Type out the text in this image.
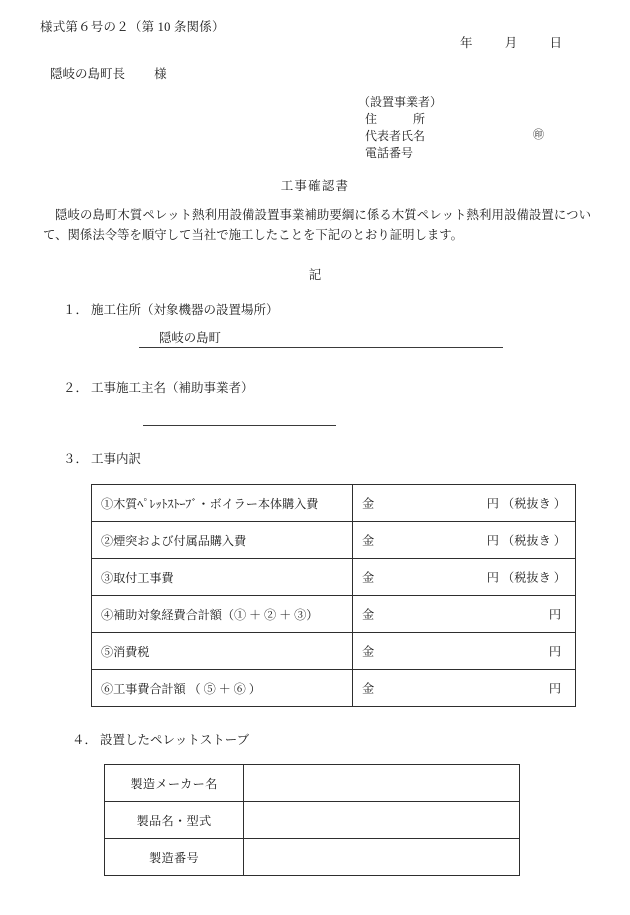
様式第６号の２（第 10 条関係）
年	月	日
隠岐の島町長 様
（設置事業者）
住　　　所
代表者氏名	㊞
電話番号
工事確認書
隠岐の島町木質ペレット熱利用設備設置事業補助要綱に係る木質ペレット熱利用設備設置について、関係法令等を順守して当社で施工したことを下記のとおり証明します。
記
１． 施工住所（対象機器の設置場所）
隠岐の島町
２． 工事施工主名（補助事業者）
３． 工事内訳
①木質ﾍﾟﾚｯﾄｽﾄｰﾌﾞ・ボイラー本体購入費	金 円 （税抜き ）

②煙突および付属品購入費	金 円 （税抜き ）

③取付工事費	金 円 （税抜き ）

④補助対象経費合計額（① ＋ ② ＋ ③）	金 円

⑤消費税	金 円

⑥工事費合計額 （ ⑤ ＋ ⑥ ）	金 円
４． 設置したペレットストーブ
製造メーカー名	
製品名・型式	
製造番号	
